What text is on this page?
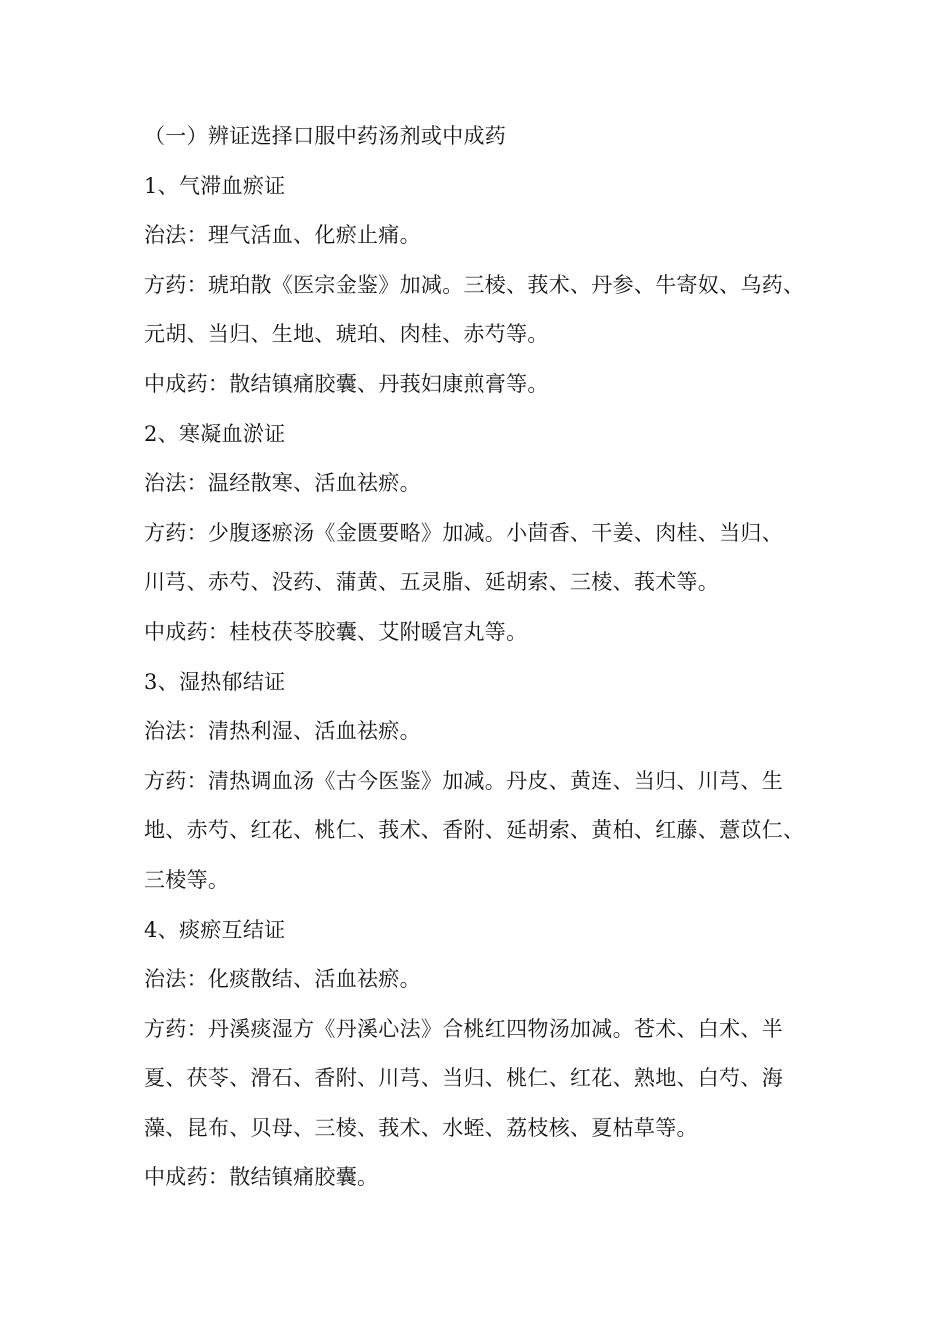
（一）辨证选择口服中药汤剂或中成药
1、气滞血瘀证
治法：理气活血、化瘀止痛。
方药：琥珀散《医宗金鉴》加减。三棱、莪术、丹参、牛寄奴、乌药、
元胡、当归、生地、琥珀、肉桂、赤芍等。
中成药：散结镇痛胶囊、丹莪妇康煎膏等。
2、寒凝血淤证
治法：温经散寒、活血祛瘀。
方药：少腹逐瘀汤《金匮要略》加减。小茴香、干姜、肉桂、当归、
川芎、赤芍、没药、蒲黄、五灵脂、延胡索、三棱、莪术等。
中成药：桂枝茯苓胶囊、艾附暖宫丸等。
3、湿热郁结证
治法：清热利湿、活血祛瘀。
方药：清热调血汤《古今医鉴》加减。丹皮、黄连、当归、川芎、生
地、赤芍、红花、桃仁、莪术、香附、延胡索、黄柏、红藤、薏苡仁、
三棱等。
4、痰瘀互结证
治法：化痰散结、活血祛瘀。
方药：丹溪痰湿方《丹溪心法》合桃红四物汤加减。苍术、白术、半
夏、茯苓、滑石、香附、川芎、当归、桃仁、红花、熟地、白芍、海
藻、昆布、贝母、三棱、莪术、水蛭、荔枝核、夏枯草等。
中成药：散结镇痛胶囊。
